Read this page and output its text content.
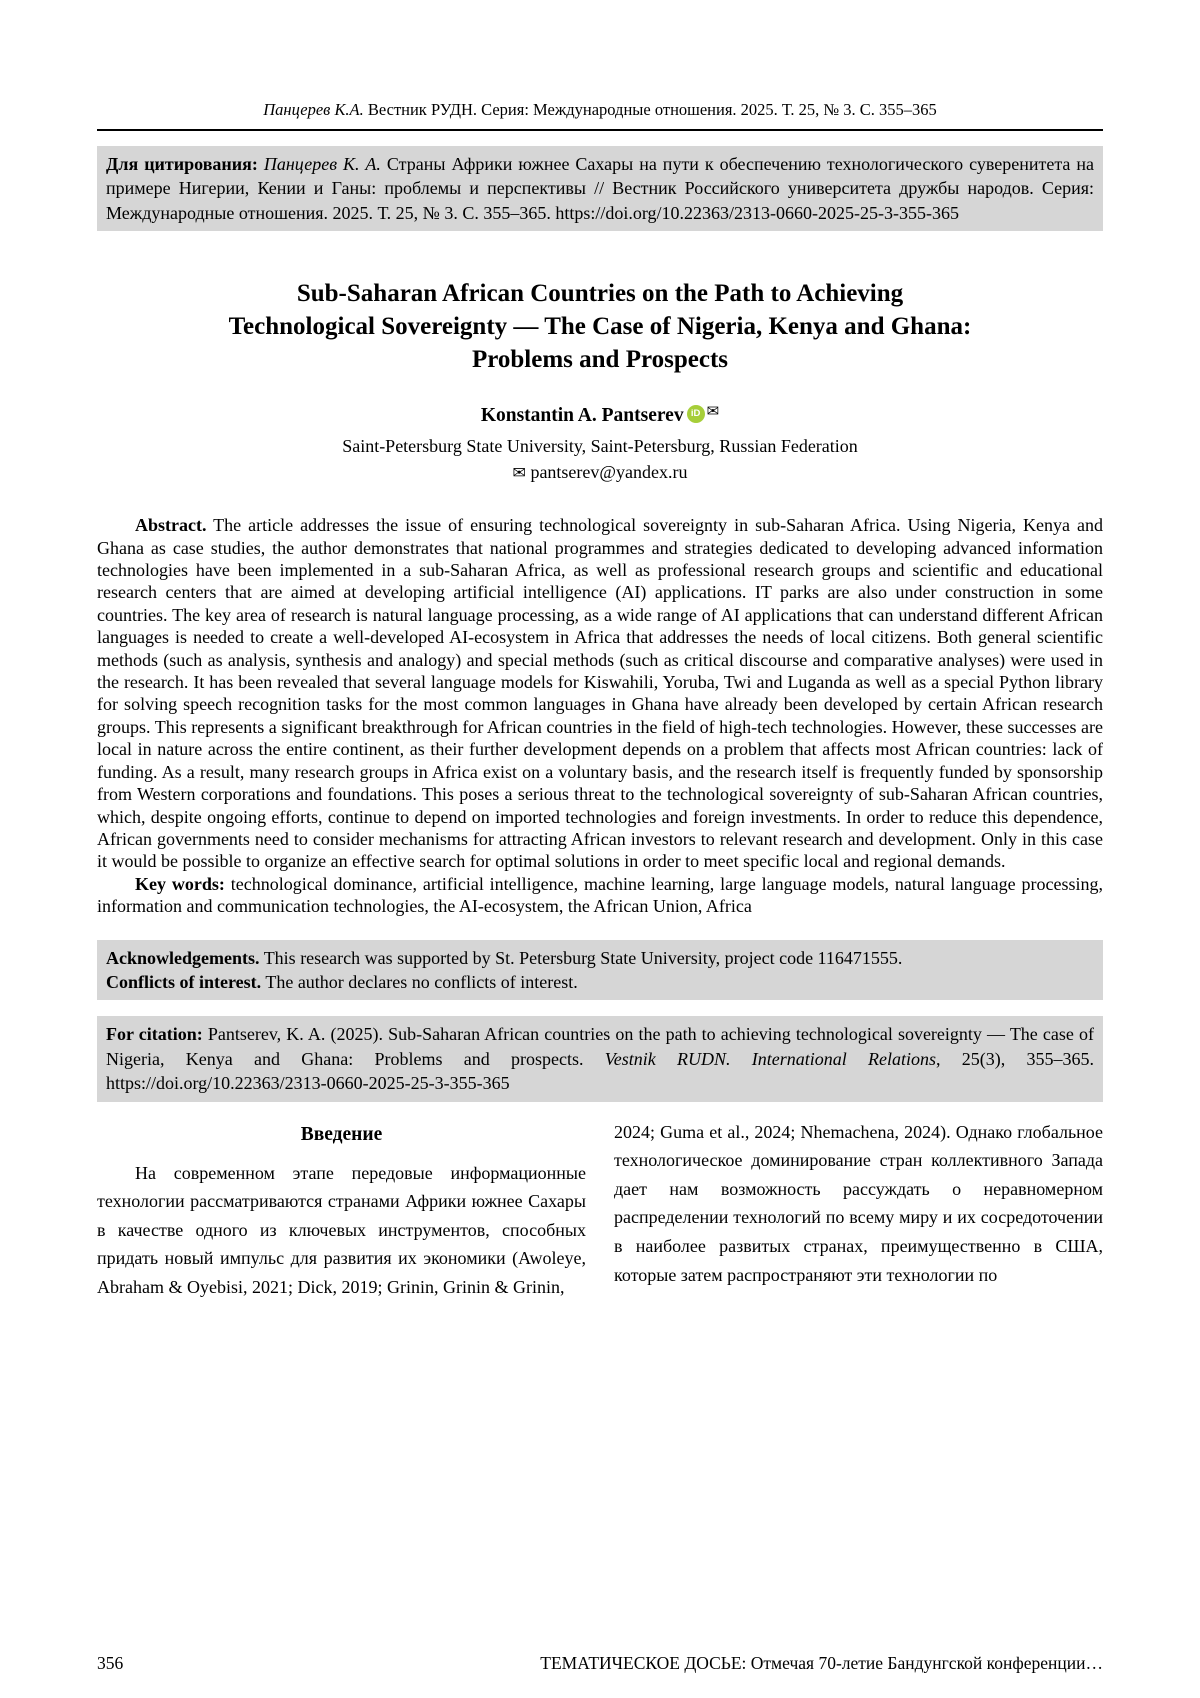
Панцерев К.А. Вестник РУДН. Серия: Международные отношения. 2025. Т. 25, № 3. С. 355–365

Для цитирования: Панцерев К. А. Страны Африки южнее Сахары на пути к обеспечению технологического суверенитета на примере Нигерии, Кении и Ганы: проблемы и перспективы // Вестник Российского университета дружбы народов. Серия: Международные отношения. 2025. Т. 25, № 3. С. 355–365. https://doi.org/10.22363/2313-0660-2025-25-3-355-365

Sub-Saharan African Countries on the Path to Achieving
Technological Sovereignty — The Case of Nigeria, Kenya and Ghana:
Problems and Prospects
Konstantin A. Pantserev iD ✉
Saint-Petersburg State University, Saint-Petersburg, Russian Federation
✉ pantserev@yandex.ru

Abstract. The article addresses the issue of ensuring technological sovereignty in sub-Saharan Africa. Using Nigeria, Kenya and Ghana as case studies, the author demonstrates that national programmes and strategies dedicated to developing advanced information technologies have been implemented in a sub-Saharan Africa, as well as professional research groups and scientific and educational research centers that are aimed at developing artificial intelligence (AI) applications. IT parks are also under construction in some countries. The key area of research is natural language processing, as a wide range of AI applications that can understand different African languages is needed to create a well-developed AI-ecosystem in Africa that addresses the needs of local citizens. Both general scientific methods (such as analysis, synthesis and analogy) and special methods (such as critical discourse and comparative analyses) were used in the research. It has been revealed that several language models for Kiswahili, Yoruba, Twi and Luganda as well as a special Python library for solving speech recognition tasks for the most common languages in Ghana have already been developed by certain African research groups. This represents a significant breakthrough for African countries in the field of high-tech technologies. However, these successes are local in nature across the entire continent, as their further development depends on a problem that affects most African countries: lack of funding. As a result, many research groups in Africa exist on a voluntary basis, and the research itself is frequently funded by sponsorship from Western corporations and foundations. This poses a serious threat to the technological sovereignty of sub-Saharan African countries, which, despite ongoing efforts, continue to depend on imported technologies and foreign investments. In order to reduce this dependence, African governments need to consider mechanisms for attracting African investors to relevant research and development. Only in this case it would be possible to organize an effective search for optimal solutions in order to meet specific local and regional demands.

Key words: technological dominance, artificial intelligence, machine learning, large language models, natural language processing, information and communication technologies, the AI-ecosystem, the African Union, Africa

Acknowledgements. This research was supported by St. Petersburg State University, project code 116471555.

Conflicts of interest. The author declares no conflicts of interest.

For citation: Pantserev, K. A. (2025). Sub-Saharan African countries on the path to achieving technological sovereignty — The case of Nigeria, Kenya and Ghana: Problems and prospects. Vestnik RUDN. International Relations, 25(3), 355–365. https://doi.org/10.22363/2313-0660-2025-25-3-355-365

Введение

На современном этапе передовые информационные технологии рассматриваются странами Африки южнее Сахары в качестве одного из ключевых инструментов, способных придать новый импульс для развития их экономики (Awoleye, Abraham & Oyebisi, 2021; Dick, 2019; Grinin, Grinin & Grinin,

2024; Guma et al., 2024; Nhemachena, 2024). Однако глобальное технологическое доминирование стран коллективного Запада дает нам возможность рассуждать о неравномерном распределении технологий по всему миру и их сосредоточении в наиболее развитых странах, преимущественно в США, которые затем распространяют эти технологии по

356	ТЕМАТИЧЕСКОЕ ДОСЬЕ: Отмечая 70-летие Бандунгской конференции…
